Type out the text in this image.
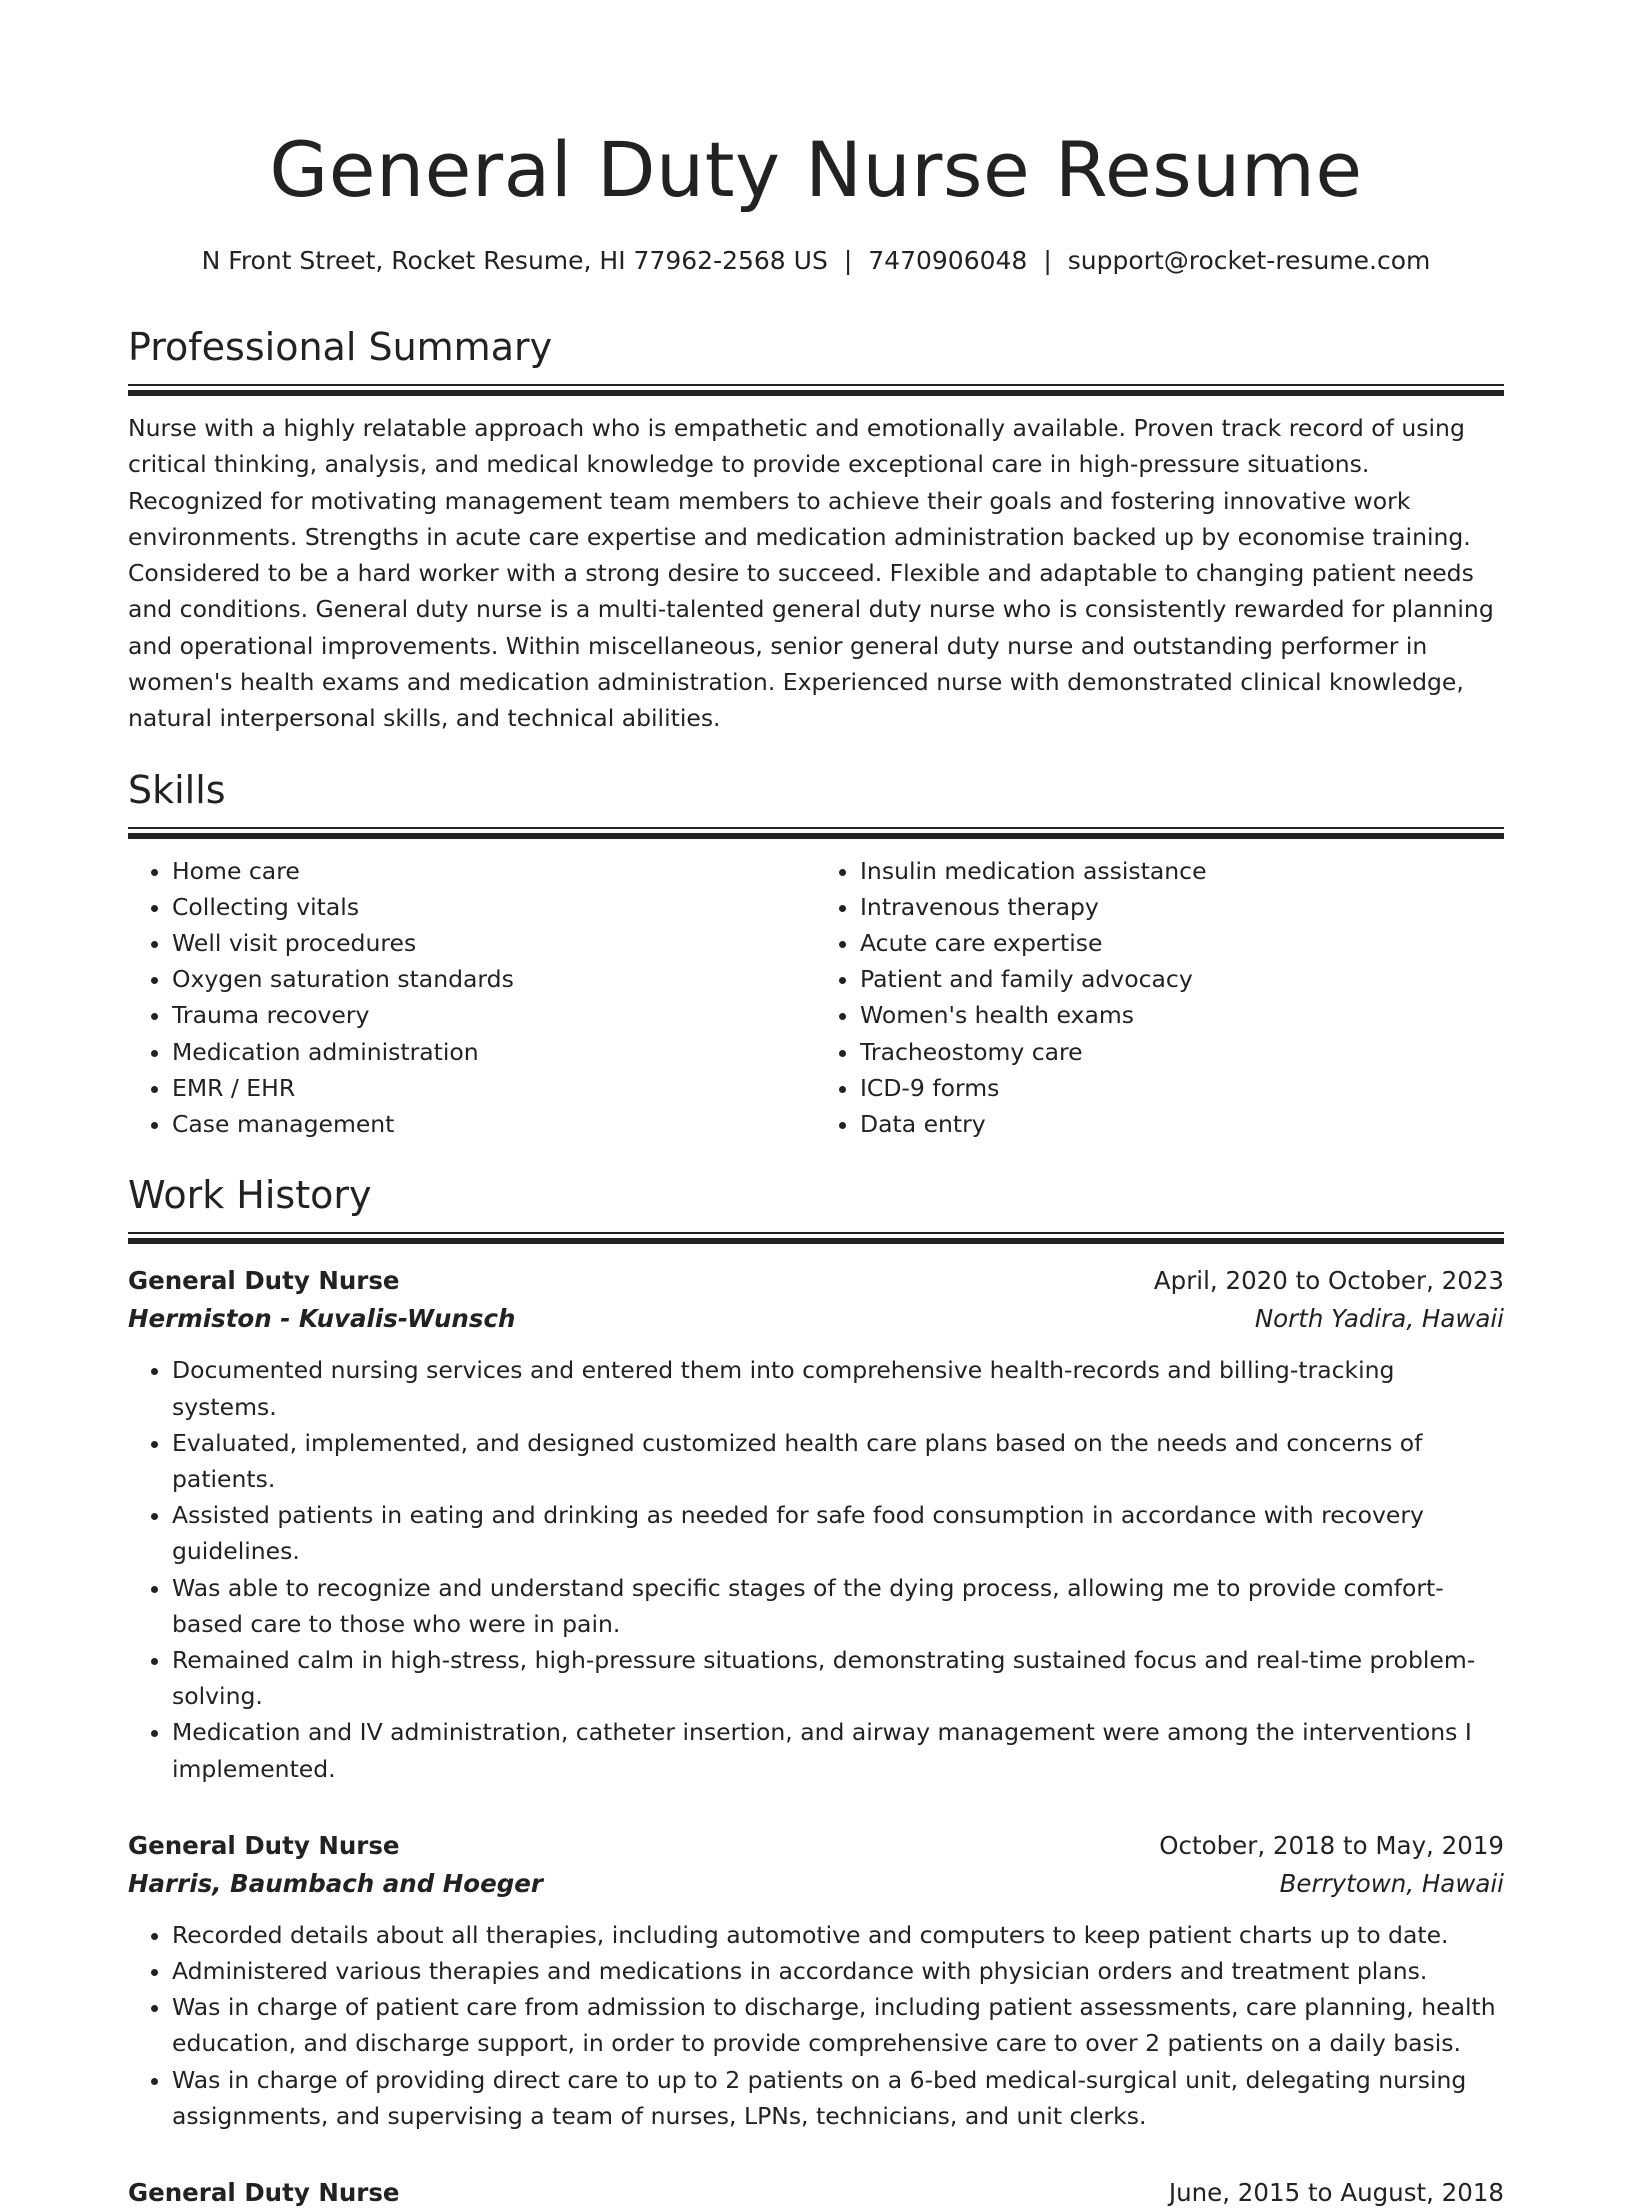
General Duty Nurse Resume
N Front Street, Rocket Resume, HI 77962-2568 US | 7470906048 | support@rocket-resume.com
Professional Summary

Nurse with a highly relatable approach who is empathetic and emotionally available. Proven track record of using critical thinking, analysis, and medical knowledge to provide exceptional care in high-pressure situations. Recognized for motivating management team members to achieve their goals and fostering innovative work environments. Strengths in acute care expertise and medication administration backed up by economise training. Considered to be a hard worker with a strong desire to succeed. Flexible and adaptable to changing patient needs and conditions. General duty nurse is a multi-talented general duty nurse who is consistently rewarded for planning and operational improvements. Within miscellaneous, senior general duty nurse and outstanding performer in women's health exams and medication administration. Experienced nurse with demonstrated clinical knowledge, natural interpersonal skills, and technical abilities.

Skills
• Home care
• Collecting vitals
• Well visit procedures
• Oxygen saturation standards
• Trauma recovery
• Medication administration
• EMR / EHR
• Case management
• Insulin medication assistance
• Intravenous therapy
• Acute care expertise
• Patient and family advocacy
• Women's health exams
• Tracheostomy care
• ICD-9 forms
• Data entry
Work History
General Duty Nurse	April, 2020 to October, 2023
Hermiston - Kuvalis-Wunsch	North Yadira, Hawaii
• Documented nursing services and entered them into comprehensive health-records and billing-tracking systems.
• Evaluated, implemented, and designed customized health care plans based on the needs and concerns of patients.
• Assisted patients in eating and drinking as needed for safe food consumption in accordance with recovery guidelines.
• Was able to recognize and understand specific stages of the dying process, allowing me to provide comfort-based care to those who were in pain.
• Remained calm in high-stress, high-pressure situations, demonstrating sustained focus and real-time problem-solving.
• Medication and IV administration, catheter insertion, and airway management were among the interventions I implemented.
General Duty Nurse	October, 2018 to May, 2019
Harris, Baumbach and Hoeger	Berrytown, Hawaii
• Recorded details about all therapies, including automotive and computers to keep patient charts up to date.
• Administered various therapies and medications in accordance with physician orders and treatment plans.
• Was in charge of patient care from admission to discharge, including patient assessments, care planning, health education, and discharge support, in order to provide comprehensive care to over 2 patients on a daily basis.
• Was in charge of providing direct care to up to 2 patients on a 6-bed medical-surgical unit, delegating nursing assignments, and supervising a team of nurses, LPNs, technicians, and unit clerks.
General Duty Nurse	June, 2015 to August, 2018
